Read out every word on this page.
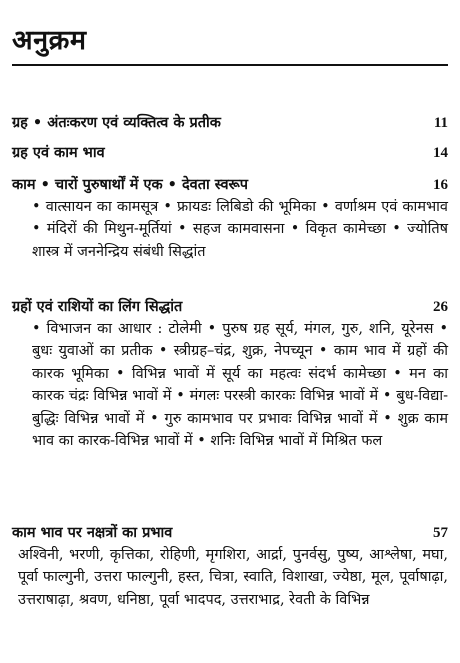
अनुक्रम
ग्रह • अंतःकरण एवं व्यक्तित्व के प्रतीक	11
ग्रह एवं काम भाव	14
काम • चारों पुरुषार्थों में एक • देवता स्वरूप	16
• वात्सायन का कामसूत्र • फ्रायडः लिबिडो की भूमिका • वर्णाश्रम एवं कामभाव • मंदिरों की मिथुन-मूर्तियां • सहज कामवासना • विकृत कामेच्छा • ज्योतिष शास्त्र में जननेन्द्रिय संबंधी सिद्धांत
ग्रहों एवं राशियों का लिंग सिद्धांत	26
• विभाजन का आधार : टोलेमी • पुरुष ग्रह सूर्य, मंगल, गुरु, शनि, यूरेनस • बुधः युवाओं का प्रतीक • स्त्रीग्रह–चंद्र, शुक्र, नेपच्यून • काम भाव में ग्रहों की कारक भूमिका • विभिन्न भावों में सूर्य का महत्वः संदर्भ कामेच्छा • मन का कारक चंद्रः विभिन्न भावों में • मंगलः परस्त्री कारकः विभिन्न भावों में • बुध-विद्या-बुद्धिः विभिन्न भावों में • गुरु कामभाव पर प्रभावः विभिन्न भावों में • शुक्र काम भाव का कारक-विभिन्न भावों में • शनिः विभिन्न भावों में मिश्रित फल
काम भाव पर नक्षत्रों का प्रभाव	57
अश्विनी, भरणी, कृत्तिका, रोहिणी, मृगशिरा, आर्द्रा, पुनर्वसु, पुष्य, आश्लेषा, मघा, पूर्वा फाल्गुनी, उत्तरा फाल्गुनी, हस्त, चित्रा, स्वाति, विशाखा, ज्येष्ठा, मूल, पूर्वाषाढ़ा, उत्तराषाढ़ा, श्रवण, धनिष्ठा, पूर्वा भादपद, उत्तराभाद्र, रेवती के विभिन्न
